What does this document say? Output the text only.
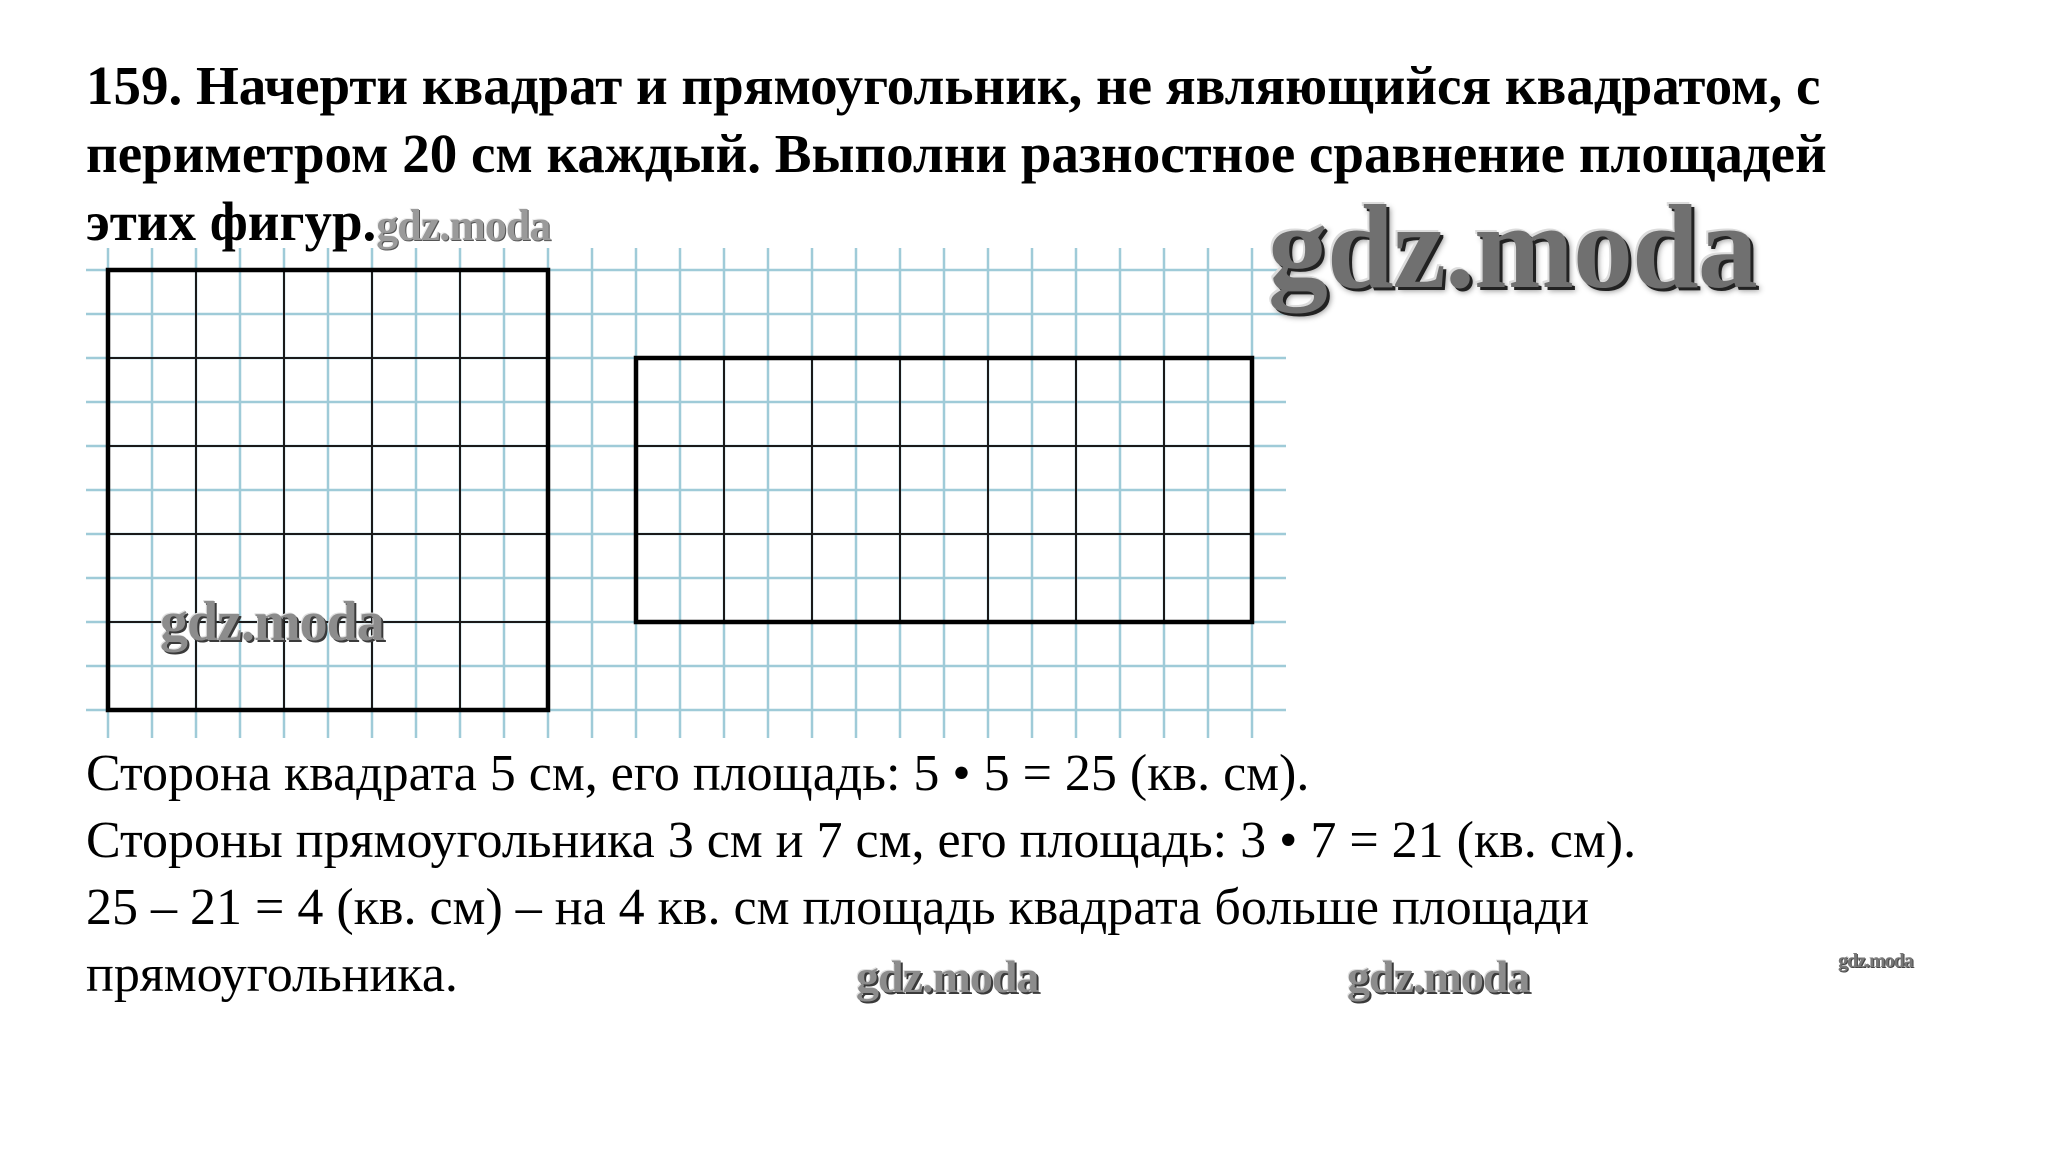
159. Начерти квадрат и прямоугольник, не являющийся квадратом, с
периметром 20 см каждый. Выполни разностное сравнение площадей
этих фигур.gdz.moda	gdz.moda
gdz.moda
Сторона квадрата 5 см, его площадь: 5 • 5 = 25 (кв. см).
Стороны прямоугольника 3 см и 7 см, его площадь: 3 • 7 = 21 (кв. см).
25 – 21 = 4 (кв. см) – на 4 кв. см площадь квадрата больше площади
прямоугольника.	gdz.moda	gdz.moda	gdz.moda
